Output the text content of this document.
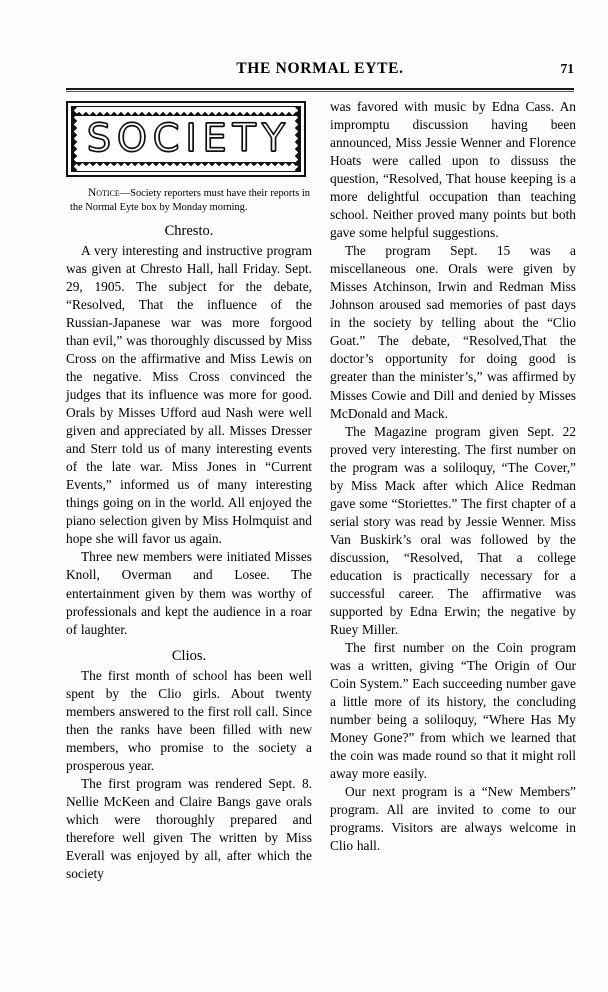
THE NORMAL EYTE.	71
SOCIETY

Notice—Society reporters must have their reports in the Normal Eyte box by Monday morning.

Chresto.

A very interesting and instructive program was given at Chresto Hall, hall Friday. Sept. 29, 1905. The subject for the debate, “Resolved, That the influence of the Russian-Japanese war was more forgood than evil,” was thoroughly discussed by Miss Cross on the affirmative and Miss Lewis on the negative. Miss Cross convinced the judges that its influence was more for good. Orals by Misses Ufford aud Nash were well given and appreciated by all. Misses Dresser and Sterr told us of many interesting events of the late war. Miss Jones in “Current Events,” informed us of many interesting things going on in the world. All enjoyed the piano selection given by Miss Holmquist and hope she will favor us again.

Three new members were initiated Misses Knoll, Overman and Losee. The entertainment given by them was worthy of professionals and kept the audience in a roar of laughter.

Clios.

The first month of school has been well spent by the Clio girls. About twenty members answered to the first roll call. Since then the ranks have been filled with new members, who promise to the society a prosperous year.

The first program was rendered Sept. 8. Nellie McKeen and Claire Bangs gave orals which were thoroughly prepared and therefore well given The written by Miss Everall was enjoyed by all, after which the society

was favored with music by Edna Cass. An impromptu discussion having been announced, Miss Jessie Wenner and Florence Hoats were called upon to dissuss the question, “Resolved, That house keeping is a more delightful occupation than teaching school. Neither proved many points but both gave some helpful suggestions.

The program Sept. 15 was a miscellaneous one. Orals were given by Misses Atchinson, Irwin and Redman Miss Johnson aroused sad memories of past days in the society by telling about the “Clio Goat.” The debate, “Resolved,That the doctor’s opportunity for doing good is greater than the minister’s,” was affirmed by Misses Cowie and Dill and denied by Misses McDonald and Mack.

The Magazine program given Sept. 22 proved very interesting. The first number on the program was a soliloquy, “The Cover,” by Miss Mack after which Alice Redman gave some “Storiettes.” The first chapter of a serial story was read by Jessie Wenner. Miss Van Buskirk’s oral was followed by the discussion, “Resolved, That a college education is practically necessary for a successful career. The affirmative was supported by Edna Erwin; the negative by Ruey Miller.

The first number on the Coin program was a written, giving “The Origin of Our Coin System.” Each succeeding number gave a little more of its history, the concluding number being a soliloquy, “Where Has My Money Gone?” from which we learned that the coin was made round so that it might roll away more easily.

Our next program is a “New Members” program. All are invited to come to our programs. Visitors are always welcome in Clio hall.
